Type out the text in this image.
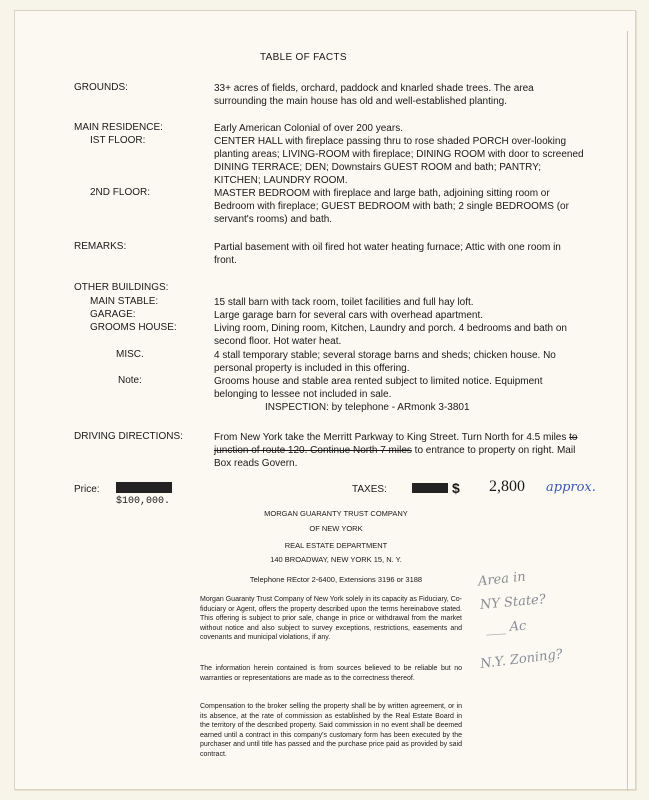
TABLE OF FACTS
GROUNDS:	33+ acres of fields, orchard, paddock and knarled shade trees. The area surrounding the main house has old and well-established planting.
MAIN RESIDENCE:	Early American Colonial of over 200 years.
IST FLOOR:	CENTER HALL with fireplace passing thru to rose shaded PORCH over-looking planting areas; LIVING-ROOM with fireplace; DINING ROOM with door to screened DINING TERRACE; DEN; Downstairs GUEST ROOM and bath; PANTRY; KITCHEN; LAUNDRY ROOM.
2ND FLOOR:	MASTER BEDROOM with fireplace and large bath, adjoining sitting room or Bedroom with fireplace; GUEST BEDROOM with bath; 2 single BEDROOMS (or servant's rooms) and bath.
REMARKS:	Partial basement with oil fired hot water heating furnace; Attic with one room in front.
OTHER BUILDINGS:
MAIN STABLE:	15 stall barn with tack room, toilet facilities and full hay loft.
GARAGE:	Large garage barn for several cars with overhead apartment.
GROOMS HOUSE:	Living room, Dining room, Kitchen, Laundry and porch. 4 bedrooms and bath on second floor. Hot water heat.
MISC.	4 stall temporary stable; several storage barns and sheds; chicken house. No personal property is included in this offering.
Note:	Grooms house and stable area rented subject to limited notice. Equipment belonging to lessee not included in sale.
INSPECTION: by telephone - ARmonk 3-3801
DRIVING DIRECTIONS:	From New York take the Merritt Parkway to King Street. Turn North for 4.5 miles to junction of route 120. Continue North 7 miles to entrance to property on right. Mail Box reads Govern.
Price:
$100,000.
TAXES:	$ 2,800 approx.
MORGAN GUARANTY TRUST COMPANY
OF NEW YORK
REAL ESTATE DEPARTMENT
140 BROADWAY, NEW YORK 15, N. Y.
Telephone REctor 2-6400, Extensions 3196 or 3188
Morgan Guaranty Trust Company of New York solely in its capacity as Fiduciary, Co-fiduciary or Agent, offers the property described upon the terms hereinabove stated. This offering is subject to prior sale, change in price or withdrawal from the market without notice and also subject to survey exceptions, restrictions, easements and covenants and municipal violations, if any.
The information herein contained is from sources believed to be reliable but no warranties or representations are made as to the correctness thereof.
Compensation to the broker selling the property shall be by written agreement, or in its absence, at the rate of commission as established by the Real Estate Board in the territory of the described property. Said commission in no event shall be deemed earned until a contract in this company's customary form has been executed by the purchaser and until title has passed and the purchase price paid as provided by said contract.
Area in
NY State?
___ Ac
N.Y. Zoning?
